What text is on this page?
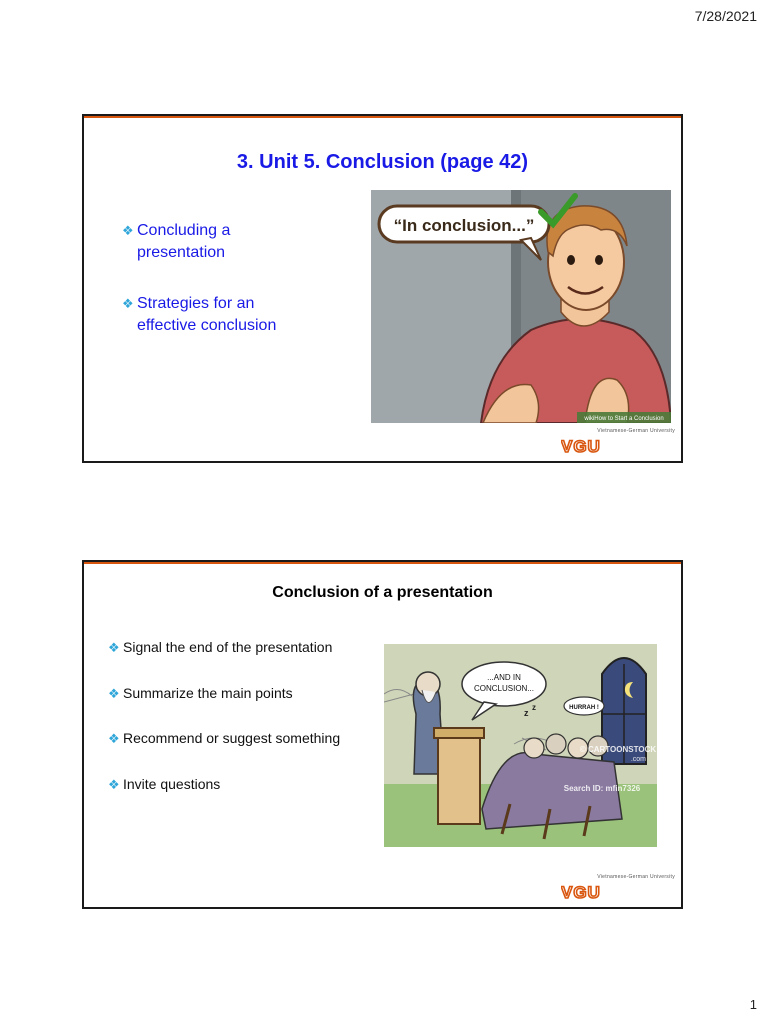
7/28/2021
3. Unit 5. Conclusion (page 42)
❖ Concluding a presentation
❖ Strategies for an effective conclusion
“In conclusion...”
wikiHow to Start a Conclusion
Vietnamese-German University
VGU
Conclusion of a presentation
❖ Signal the end of the presentation
❖ Summarize the main points
❖ Recommend or suggest something
❖ Invite questions
...AND IN
CONCLUSION...
z
z	HURRAH !
© CARTOONSTOCK
.com
Search ID: mfin7326
Vietnamese-German University
VGU
1
